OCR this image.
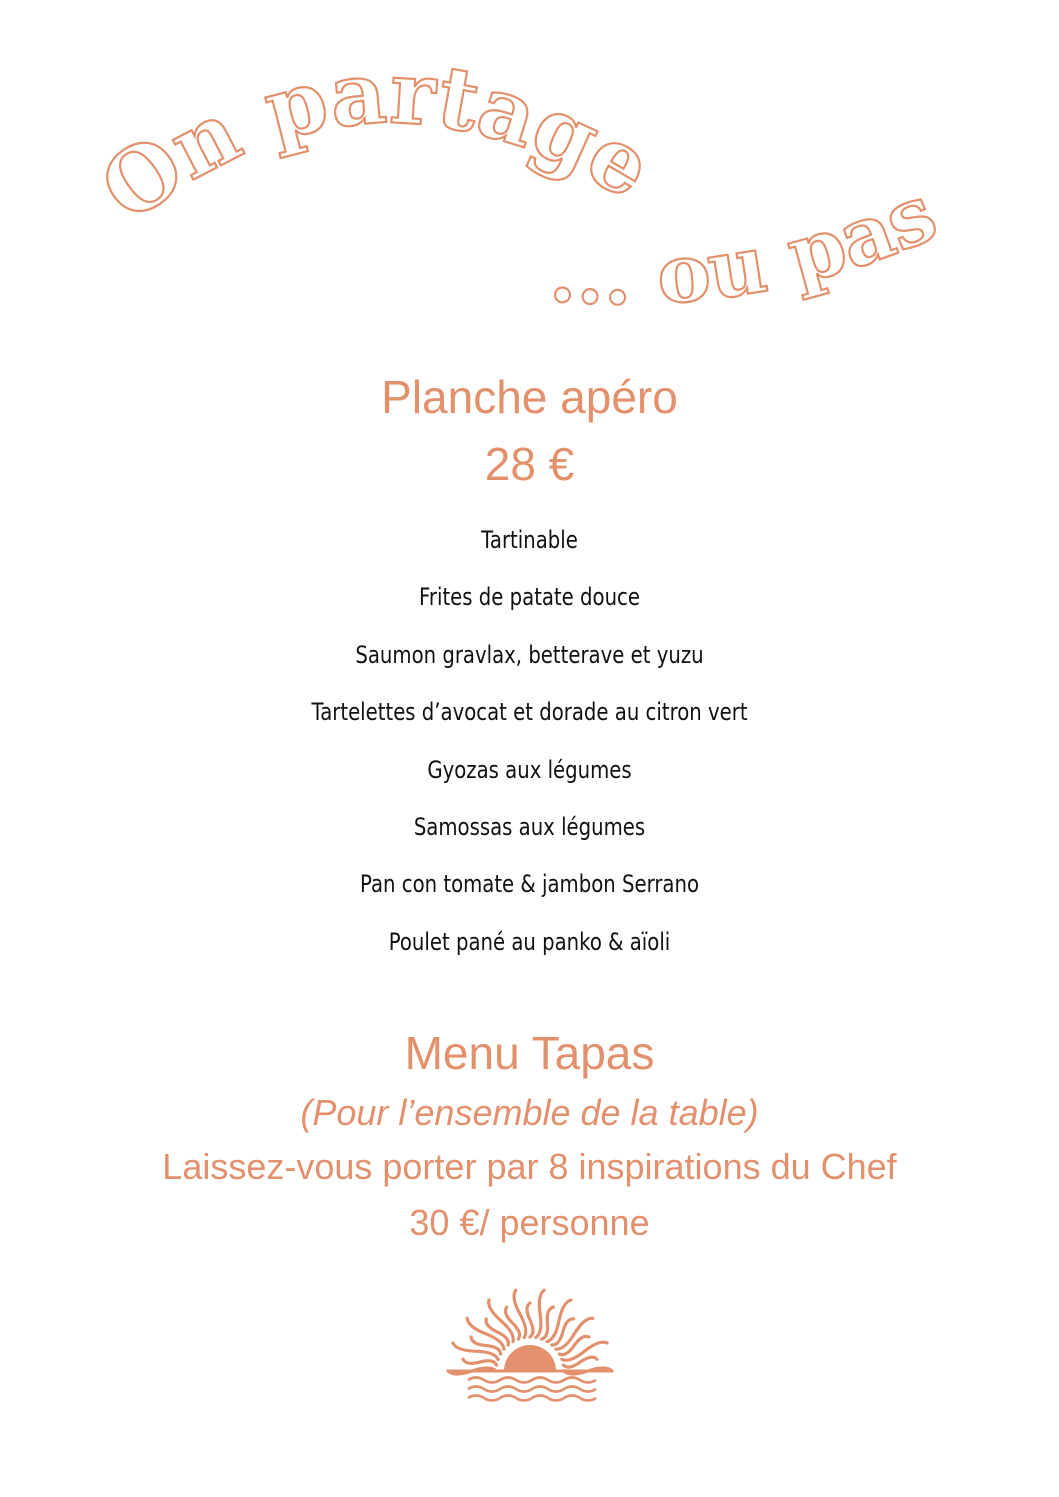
On partage
... ou pas
Planche apéro
28 €
Tartinable
Frites de patate douce
Saumon gravlax, betterave et yuzu
Tartelettes d’avocat et dorade au citron vert
Gyozas aux légumes
Samossas aux légumes
Pan con tomate & jambon Serrano
Poulet pané au panko & aïoli
Menu Tapas
(Pour l’ensemble de la table)
Laissez-vous porter par 8 inspirations du Chef
30 €/ personne
